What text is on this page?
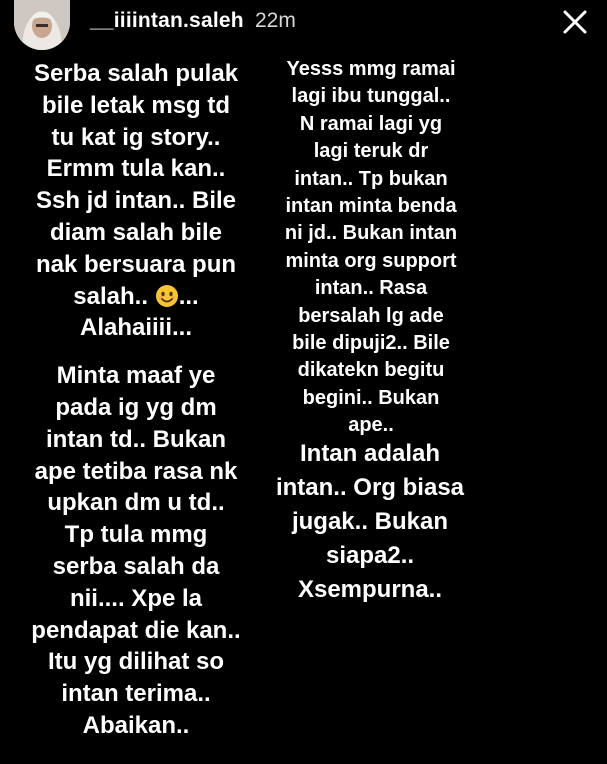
__iiiintan.saleh 22m
Serba salah pulak
bile letak msg td
tu kat ig story..
Ermm tula kan..
Ssh jd intan.. Bile
diam salah bile
nak bersuara pun
salah.. ...
Alahaiiii...
Minta maaf ye
pada ig yg dm
intan td.. Bukan
ape tetiba rasa nk
upkan dm u td..
Tp tula mmg
serba salah da
nii.... Xpe la
pendapat die kan..
Itu yg dilihat so
intan terima..
Abaikan..
Yesss mmg ramai
lagi ibu tunggal..
N ramai lagi yg
lagi teruk dr
intan.. Tp bukan
intan minta benda
ni jd.. Bukan intan
minta org support
intan.. Rasa
bersalah lg ade
bile dipuji2.. Bile
dikatekn begitu
begini.. Bukan
ape..
Intan adalah
intan.. Org biasa
jugak.. Bukan
siapa2..
Xsempurna..
